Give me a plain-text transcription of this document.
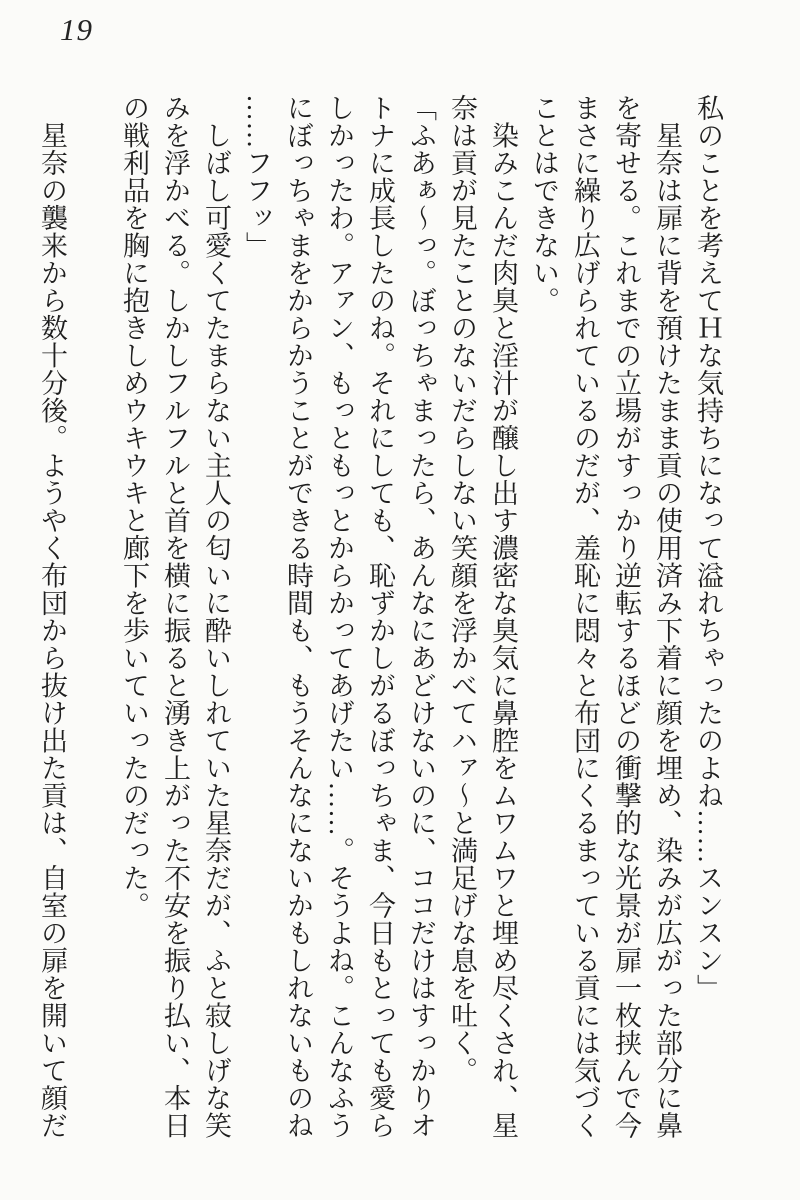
19
私のことを考えてＨな気持ちになって溢れちゃったのよね……スンスン」
　星奈は扉に背を預けたまま貢の使用済み下着に顔を埋め、染みが広がった部分に鼻
を寄せる。これまでの立場がすっかり逆転するほどの衝撃的な光景が扉一枚挟んで今
まさに繰り広げられているのだが、羞恥に悶々と布団にくるまっている貢には気づく
ことはできない。
　染みこんだ肉臭と淫汁が醸し出す濃密な臭気に鼻腔をムワムワと埋め尽くされ、星
奈は貢が見たことのないだらしない笑顔を浮かべてハァ～と満足げな息を吐く。
「ふあぁ～っ。ぼっちゃまったら、あんなにあどけないのに、ココだけはすっかりオ
トナに成長したのね。それにしても、恥ずかしがるぼっちゃま、今日もとっても愛ら
しかったわ。アァン、もっともっとからかってあげたい……。そうよね。こんなふう
にぼっちゃまをからかうことができる時間も、もうそんなにないかもしれないものね
……フフッ」
　しばし可愛くてたまらない主人の匂いに酔いしれていた星奈だが、ふと寂しげな笑
みを浮かべる。しかしフルフルと首を横に振ると湧き上がった不安を振り払い、本日
の戦利品を胸に抱きしめウキウキと廊下を歩いていったのだった。

　星奈の襲来から数十分後。ようやく布団から抜け出た貢は、自室の扉を開いて顔だ
